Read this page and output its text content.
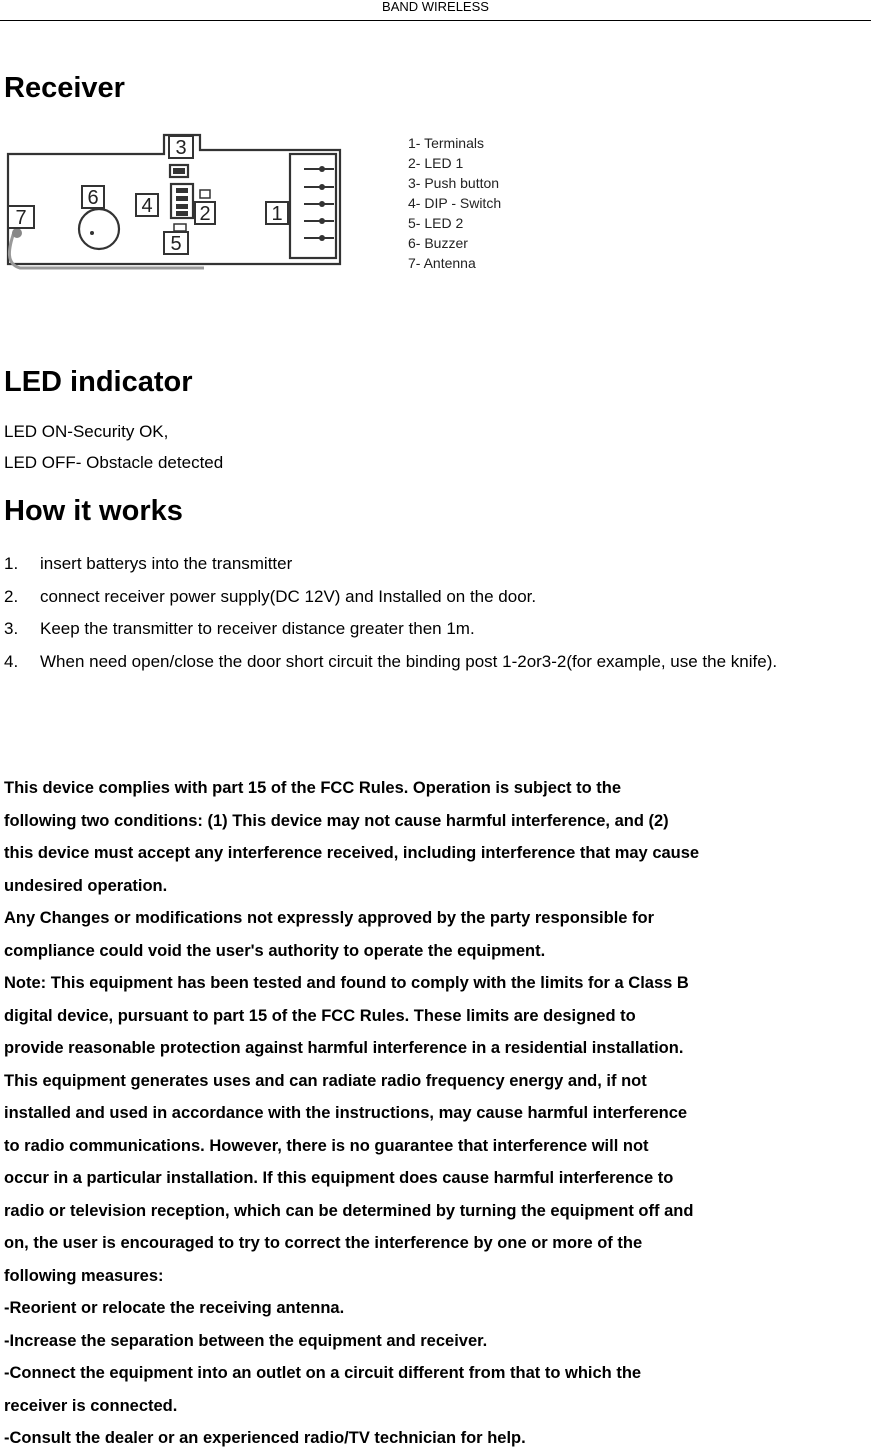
BAND WIRELESS
Receiver
1
2
3
4
5
6
7
1- Terminals
2- LED 1
3- Push button
4- DIP - Switch
5- LED 2
6- Buzzer
7- Antenna
LED indicator
LED ON-Security OK,
LED OFF- Obstacle detected
How it works
1. insert batterys into the transmitter
2. connect receiver power supply(DC 12V) and Installed on the door.
3. Keep the transmitter to receiver distance greater then 1m.
4. When need open/close the door short circuit the binding post 1-2or3-2(for example, use the knife).
This device complies with part 15 of the FCC Rules. Operation is subject to the
following two conditions: (1) This device may not cause harmful interference, and (2)
this device must accept any interference received, including interference that may cause
undesired operation.
Any Changes or modifications not expressly approved by the party responsible for
compliance could void the user's authority to operate the equipment.
Note: This equipment has been tested and found to comply with the limits for a Class B
digital device, pursuant to part 15 of the FCC Rules. These limits are designed to
provide reasonable protection against harmful interference in a residential installation.
This equipment generates uses and can radiate radio frequency energy and, if not
installed and used in accordance with the instructions, may cause harmful interference
to radio communications. However, there is no guarantee that interference will not
occur in a particular installation. If this equipment does cause harmful interference to
radio or television reception, which can be determined by turning the equipment off and
on, the user is encouraged to try to correct the interference by one or more of the
following measures:
-Reorient or relocate the receiving antenna.
-Increase the separation between the equipment and receiver.
-Connect the equipment into an outlet on a circuit different from that to which the
receiver is connected.
-Consult the dealer or an experienced radio/TV technician for help.
